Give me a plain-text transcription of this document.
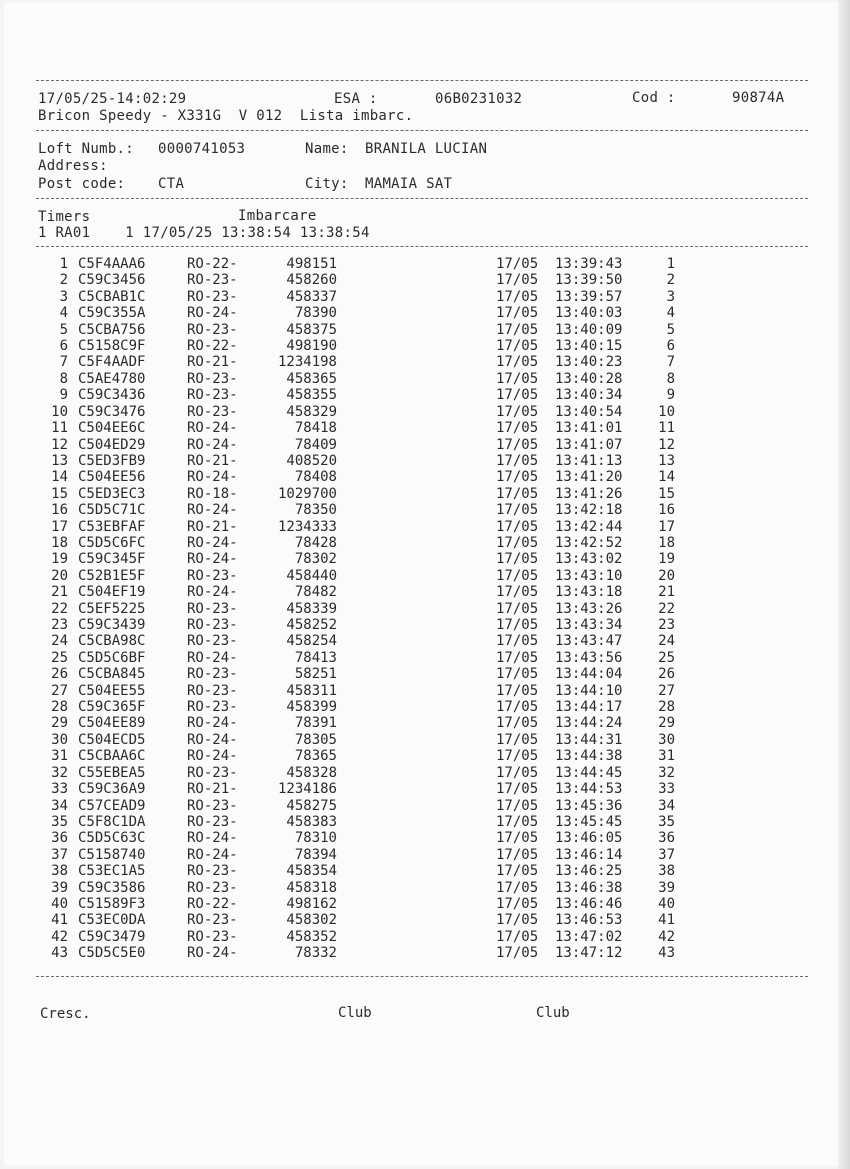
17/05/25-14:02:29	ESA :	06B0231032	Cod :	90874A
Bricon Speedy - X331G  V 012  Lista imbarc.
Loft Numb.: 0000741053	Name: BRANILA LUCIAN
Address:
Post code: CTA	City: MAMAIA SAT
Timers	Imbarcare
1 RA01    1 17/05/25 13:38:54 13:38:54
1 C5F4AAA6	RO-22-	498151	17/05 13:39:43	1
2 C59C3456	RO-23-	458260	17/05 13:39:50	2
3 C5CBAB1C	RO-23-	458337	17/05 13:39:57	3
4 C59C355A	RO-24-	78390	17/05 13:40:03	4
5 C5CBA756	RO-23-	458375	17/05 13:40:09	5
6 C5158C9F	RO-22-	498190	17/05 13:40:15	6
7 C5F4AADF	RO-21-	1234198	17/05 13:40:23	7
8 C5AE4780	RO-23-	458365	17/05 13:40:28	8
9 C59C3436	RO-23-	458355	17/05 13:40:34	9
10 C59C3476	RO-23-	458329	17/05 13:40:54	10
11 C504EE6C	RO-24-	78418	17/05 13:41:01	11
12 C504ED29	RO-24-	78409	17/05 13:41:07	12
13 C5ED3FB9	RO-21-	408520	17/05 13:41:13	13
14 C504EE56	RO-24-	78408	17/05 13:41:20	14
15 C5ED3EC3	RO-18-	1029700	17/05 13:41:26	15
16 C5D5C71C	RO-24-	78350	17/05 13:42:18	16
17 C53EBFAF	RO-21-	1234333	17/05 13:42:44	17
18 C5D5C6FC	RO-24-	78428	17/05 13:42:52	18
19 C59C345F	RO-24-	78302	17/05 13:43:02	19
20 C52B1E5F	RO-23-	458440	17/05 13:43:10	20
21 C504EF19	RO-24-	78482	17/05 13:43:18	21
22 C5EF5225	RO-23-	458339	17/05 13:43:26	22
23 C59C3439	RO-23-	458252	17/05 13:43:34	23
24 C5CBA98C	RO-23-	458254	17/05 13:43:47	24
25 C5D5C6BF	RO-24-	78413	17/05 13:43:56	25
26 C5CBA845	RO-23-	58251	17/05 13:44:04	26
27 C504EE55	RO-23-	458311	17/05 13:44:10	27
28 C59C365F	RO-23-	458399	17/05 13:44:17	28
29 C504EE89	RO-24-	78391	17/05 13:44:24	29
30 C504ECD5	RO-24-	78305	17/05 13:44:31	30
31 C5CBAA6C	RO-24-	78365	17/05 13:44:38	31
32 C55EBEA5	RO-23-	458328	17/05 13:44:45	32
33 C59C36A9	RO-21-	1234186	17/05 13:44:53	33
34 C57CEAD9	RO-23-	458275	17/05 13:45:36	34
35 C5F8C1DA	RO-23-	458383	17/05 13:45:45	35
36 C5D5C63C	RO-24-	78310	17/05 13:46:05	36
37 C5158740	RO-24-	78394	17/05 13:46:14	37
38 C53EC1A5	RO-23-	458354	17/05 13:46:25	38
39 C59C3586	RO-23-	458318	17/05 13:46:38	39
40 C51589F3	RO-22-	498162	17/05 13:46:46	40
41 C53EC0DA	RO-23-	458302	17/05 13:46:53	41
42 C59C3479	RO-23-	458352	17/05 13:47:02	42
43 C5D5C5E0	RO-24-	78332	17/05 13:47:12	43
Cresc.	Club	Club
